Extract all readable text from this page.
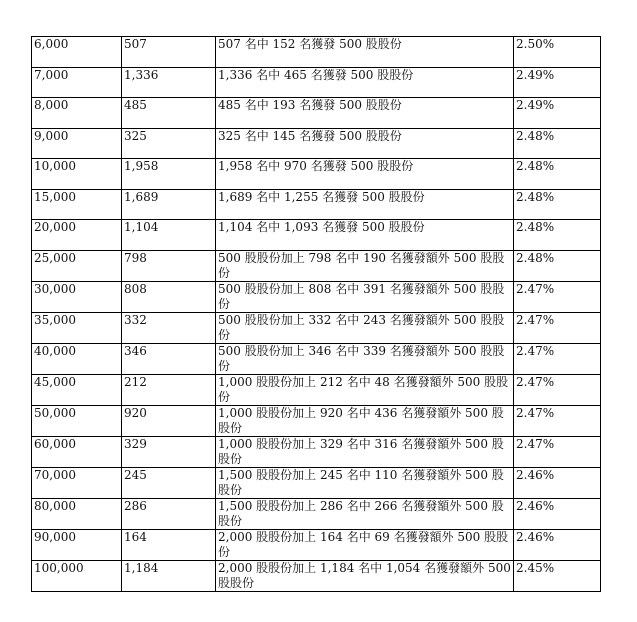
6,000	507	507 名中 152 名獲發 500 股股份	2.50%
7,000	1,336	1,336 名中 465 名獲發 500 股股份	2.49%
8,000	485	485 名中 193 名獲發 500 股股份	2.49%
9,000	325	325 名中 145 名獲發 500 股股份	2.48%
10,000	1,958	1,958 名中 970 名獲發 500 股股份	2.48%
15,000	1,689	1,689 名中 1,255 名獲發 500 股股份	2.48%
20,000	1,104	1,104 名中 1,093 名獲發 500 股股份	2.48%
25,000	798	500 股股份加上 798 名中 190 名獲發額外 500 股股份	2.48%
30,000	808	500 股股份加上 808 名中 391 名獲發額外 500 股股份	2.47%
35,000	332	500 股股份加上 332 名中 243 名獲發額外 500 股股份	2.47%
40,000	346	500 股股份加上 346 名中 339 名獲發額外 500 股股份	2.47%
45,000	212	1,000 股股份加上 212 名中 48 名獲發額外 500 股股份	2.47%
50,000	920	1,000 股股份加上 920 名中 436 名獲發額外 500 股股份	2.47%
60,000	329	1,000 股股份加上 329 名中 316 名獲發額外 500 股股份	2.47%
70,000	245	1,500 股股份加上 245 名中 110 名獲發額外 500 股股份	2.46%
80,000	286	1,500 股股份加上 286 名中 266 名獲發額外 500 股股份	2.46%
90,000	164	2,000 股股份加上 164 名中 69 名獲發額外 500 股股份	2.46%
100,000	1,184	2,000 股股份加上 1,184 名中 1,054 名獲發額外 500 股股份	2.45%
